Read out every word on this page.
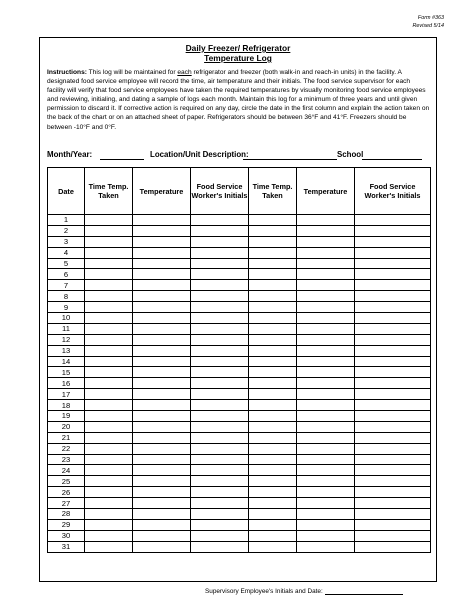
Form #363
Revised 5/14
Daily Freezer/ Refrigerator
Temperature Log

Instructions: This log will be maintained for each refrigerator and freezer (both walk-in and reach-in units) in the facility. A designated food service employee will record the time, air temperature and their initials. The food service supervisor for each facility will verify that food service employees have taken the required temperatures by visually monitoring food service employees and reviewing, initialing, and dating a sample of logs each month. Maintain this log for a minimum of three years and until given permission to discard it. If corrective action is required on any day, circle the date in the first column and explain the action taken on the back of the chart or on an attached sheet of paper. Refrigerators should be between 36°F and 41°F. Freezers should be between -10°F and 0°F.

Month/Year:	Location/Unit Description:	School
Date	Time Temp. Taken	Temperature	Food Service Worker's Initials	Time Temp. Taken	Temperature	Food Service Worker's Initials
1						
2						
3						
4						
5						
6						
7						
8						
9						
10						
11						
12						
13						
14						
15						
16						
17						
18						
19						
20						
21						
22						
23						
24						
25						
26						
27						
28						
29						
30						
31						
Supervisory Employee's Initials and Date:
